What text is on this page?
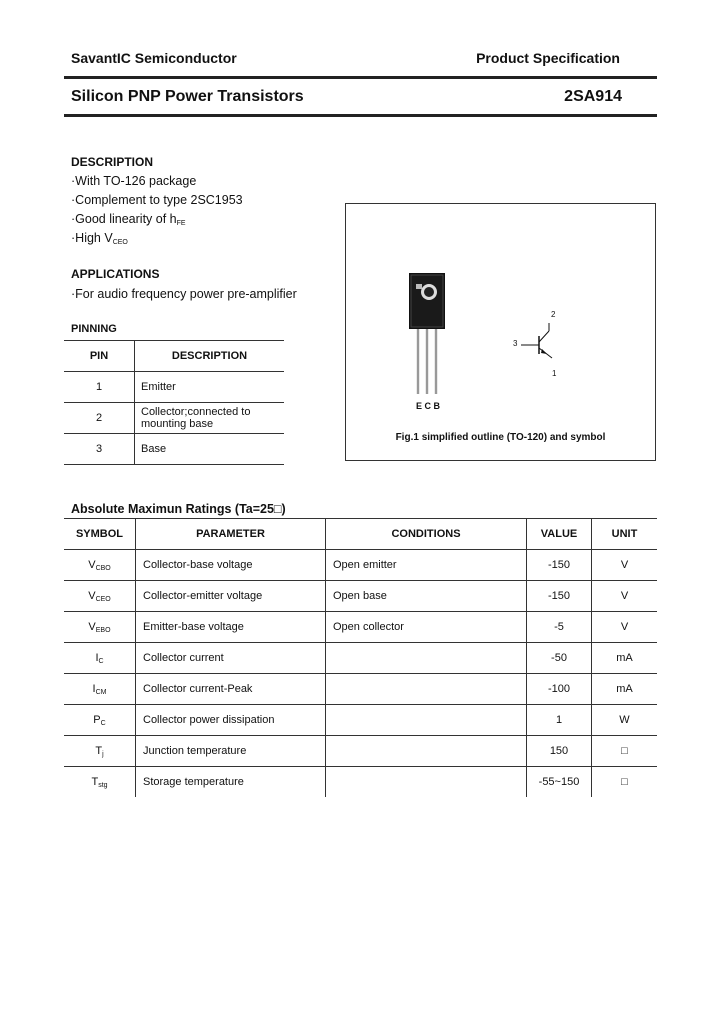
SavantIC Semiconductor	Product Specification
Silicon PNP Power Transistors	2SA914
DESCRIPTION
·With TO-126 package
·Complement to type 2SC1953
·Good linearity of $h_{FE}$
·High $V_{CEO}$
APPLICATIONS
·For audio frequency power pre-amplifier
PINNING
PIN	DESCRIPTION
1	Emitter
2	Collector;connected to mounting base
3	Base
E C B
2
3
1
Fig.1 simplified outline (TO-120) and symbol
Absolute Maximun Ratings (Ta=25□)
SYMBOL	PARAMETER	CONDITIONS	VALUE	UNIT
$V_{CBO}$	Collector-base voltage	Open emitter	-150	V
$V_{CEO}$	Collector-emitter voltage	Open base	-150	V
$V_{EBO}$	Emitter-base voltage	Open collector	-5	V
$I_C$	Collector current		-50	mA
$I_{CM}$	Collector current-Peak		-100	mA
$P_C$	Collector power dissipation		1	W
$T_j$	Junction temperature		150	□
$T_{stg}$	Storage temperature		-55~150	□
